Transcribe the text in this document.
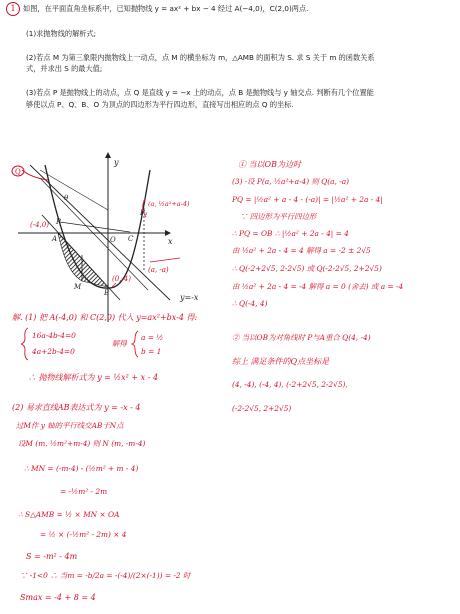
1 如图，在平面直角坐标系中，已知抛物线 y = ax² + bx − 4 经过 A(−4,0)，C(2,0)两点.
(1)求抛物线的解析式;
(2)若点 M 为第三象限内抛物线上一动点，点 M 的横坐标为 m，△AMB 的面积为 S. 求 S 关于 m 的函数关系
式，并求出 S 的最大值;
(3)若点 P 是抛物线上的动点，点 Q 是直线 y = −x 上的动点，点 B 是抛物线与 y 轴交点. 判断有几个位置能
够使以点 P、Q、B、O 为顶点的四边形为平行四边形，直接写出相应的点 Q 的坐标.
y
x
O
A
B
C
M
P
Q
P₁
θ
(-4,0)
(a, -a)
(0,-4)
y=-x
(a, ½a²+a-4)
① 当以OB为边时
(3) ·设 P(a, ½a²+a-4) 则 Q(a, -a)
PQ = |½a² + a - 4 - (-a)| = |½a² + 2a - 4|
∵ 四边形为平行四边形
∴ PQ = OB ∴ |½a² + 2a - 4| = 4
由 ½a² + 2a - 4 = 4 解得 a = -2 ± 2√5
∴ Q(-2+2√5, 2-2√5) 或 Q(-2-2√5, 2+2√5)
由 ½a² + 2a - 4 = -4 解得 a = 0 (舍去) 或 a = -4
∴ Q(-4, 4)
② 当以OB为对角线时 P与A重合 Q(4, -4)
综上 满足条件的Q点坐标是
(4, -4), (-4, 4), (-2+2√5, 2-2√5),
(-2-2√5, 2+2√5)
解. (1) 把 A(-4,0) 和 C(2,0) 代入 y=ax²+bx-4 得:
16a-4b-4=0
4a+2b-4=0
解得
a = ½
b = 1
∴ 抛物线解析式为 y = ½x² + x - 4
(2) 易求直线AB表达式为 y = -x - 4
过M作 y 轴的平行线交AB于N点
设M (m, ½m²+m-4) 则 N (m, -m-4)
∴ MN = (-m-4) - (½m² + m - 4)
= -½m² - 2m
∴ S△AMB = ½ × MN × OA
= ½ × (-½m² - 2m) × 4
S = -m² - 4m
∵ -1<0 ∴ 当m = -b/2a = -(-4)/(2×(-1)) = -2 时
Smax = -4 + 8 = 4
